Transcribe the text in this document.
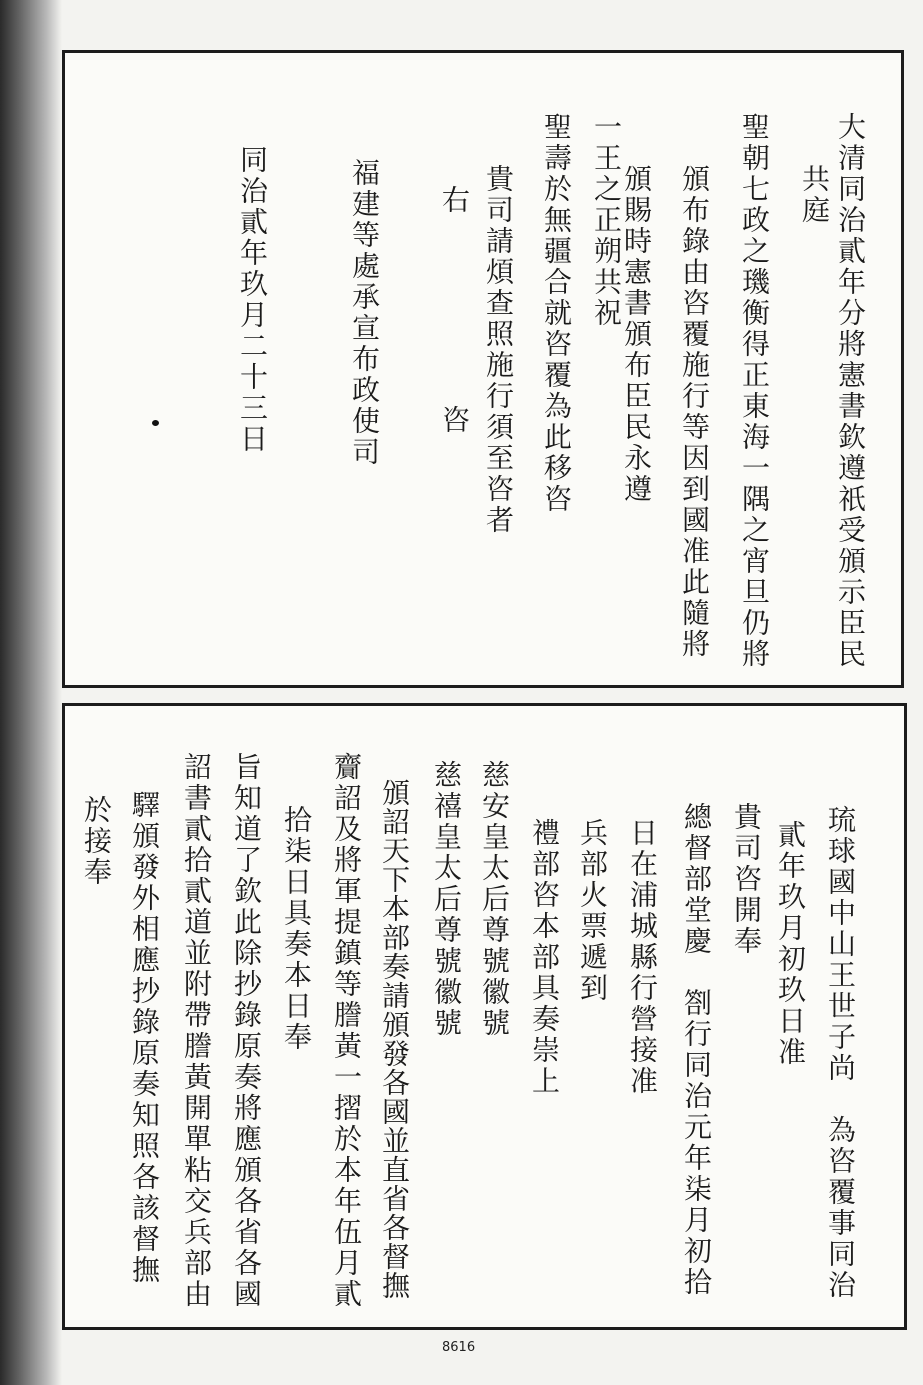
大清同治貳年分將憲書欽遵祇受頒示臣民
共庭
聖朝七政之璣衡得正東海一隅之宵旦仍將
頒布錄由咨覆施行等因到國准此隨將
頒賜時憲書頒布臣民永遵
一王之正朔共祝
聖壽於無疆合就咨覆為此移咨
貴司請煩查照施行須至咨者
右
咨
福建等處承宣布政使司
同治貳年玖月二十三日
琉球國中山王世子尚　為咨覆事同治
貳年玖月初玖日准
貴司咨開奉
總督部堂慶　劄行同治元年柒月初拾
日在浦城縣行營接准
兵部火票遞到
禮部咨本部具奏崇上
慈安皇太后尊號徽號
慈禧皇太后尊號徽號
頒詔天下本部奏請頒發各國並直省各督撫
齎詔及將軍提鎮等謄黃一摺於本年伍月貳
拾柒日具奏本日奉
旨知道了欽此除抄錄原奏將應頒各省各國
詔書貳拾貳道並附帶謄黃開單粘交兵部由
驛頒發外相應抄錄原奏知照各該督撫
於接奉
8616
